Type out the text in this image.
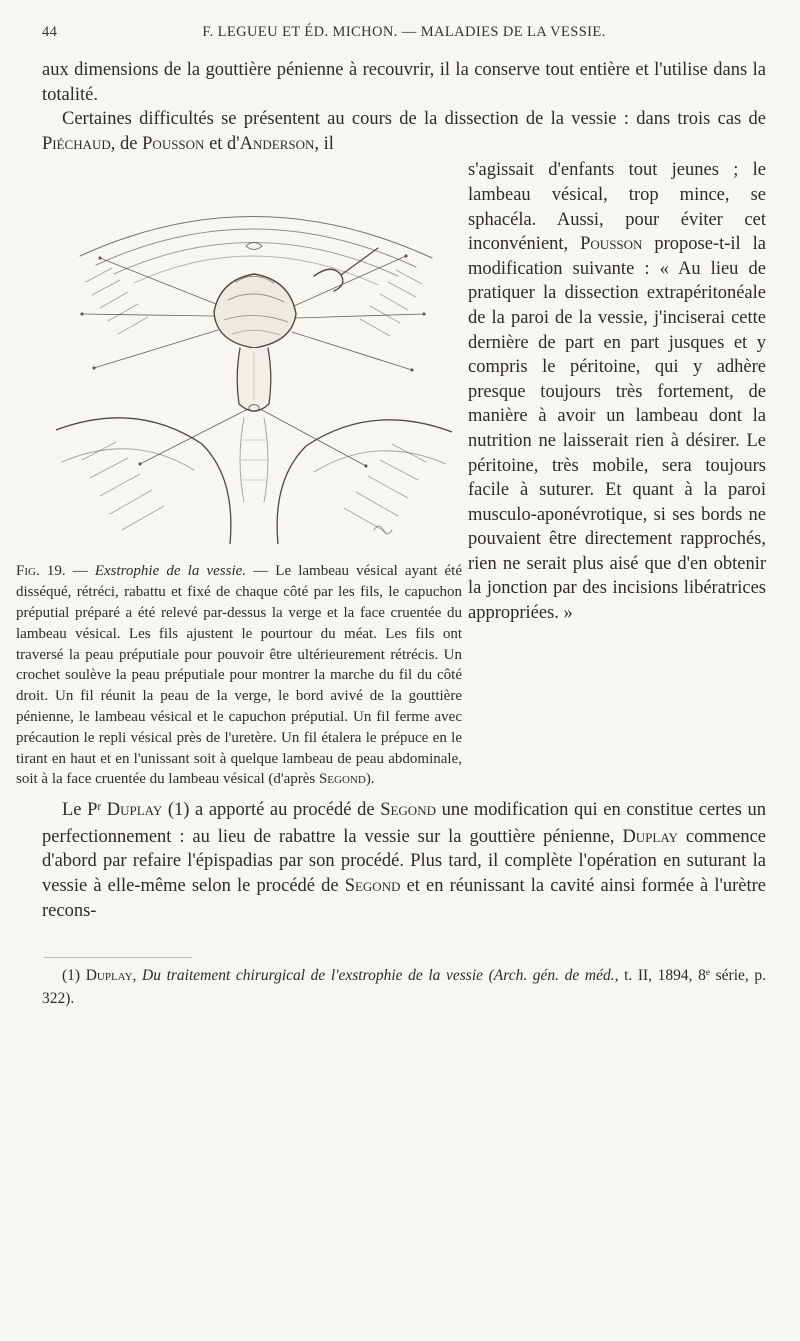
44	F. LEGUEU ET ÉD. MICHON. — MALADIES DE LA VESSIE.

aux dimensions de la gouttière pénienne à recouvrir, il la conserve tout entière et l'utilise dans la totalité.

Certaines difficultés se présentent au cours de la dissection de la vessie : dans trois cas de Piéchaud, de Pousson et d'Anderson, il

Fig. 19. — Exstrophie de la vessie. — Le lambeau vésical ayant été disséqué, rétréci, rabattu et fixé de chaque côté par les fils, le capuchon préputial préparé a été relevé par-dessus la verge et la face cruentée du lambeau vésical. Les fils ajustent le pourtour du méat. Les fils ont traversé la peau préputiale pour pouvoir être ultérieurement rétrécis. Un crochet soulève la peau préputiale pour montrer la marche du fil du côté droit. Un fil réunit la peau de la verge, le bord avivé de la gouttière pénienne, le lambeau vésical et le capuchon préputial. Un fil ferme avec précaution le repli vésical près de l'uretère. Un fil étalera le prépuce en le tirant en haut et en l'unissant soit à quelque lambeau de peau abdominale, soit à la face cruentée du lambeau vésical (d'après Segond).

s'agissait d'enfants tout jeunes ; le lambeau vésical, trop mince, se sphacéla. Aussi, pour éviter cet inconvénient, Pousson propose-t-il la modification suivante : « Au lieu de pratiquer la dissection extrapéritonéale de la paroi de la vessie, j'inciserai cette dernière de part en part jusques et y compris le péritoine, qui y adhère presque toujours très fortement, de manière à avoir un lambeau dont la nutrition ne laisserait rien à désirer. Le péritoine, très mobile, sera toujours facile à suturer. Et quant à la paroi musculo-aponévrotique, si ses bords ne pouvaient être directement rapprochés, rien ne serait plus aisé que d'en obtenir la jonction par des incisions libératrices appropriées. »

Le $P^r$ Duplay (1) a apporté au procédé de Segond une modification qui en constitue certes un perfectionnement : au lieu de rabattre la vessie sur la gouttière pénienne, Duplay commence d'abord par refaire l'épispadias par son procédé. Plus tard, il complète l'opération en suturant la vessie à elle-même selon le procédé de Segond et en réunissant la cavité ainsi formée à l'urètre recons-

(1) Duplay, Du traitement chirurgical de l'exstrophie de la vessie (Arch. gén. de méd., t. II, 1894, 8e série, p. 322).
